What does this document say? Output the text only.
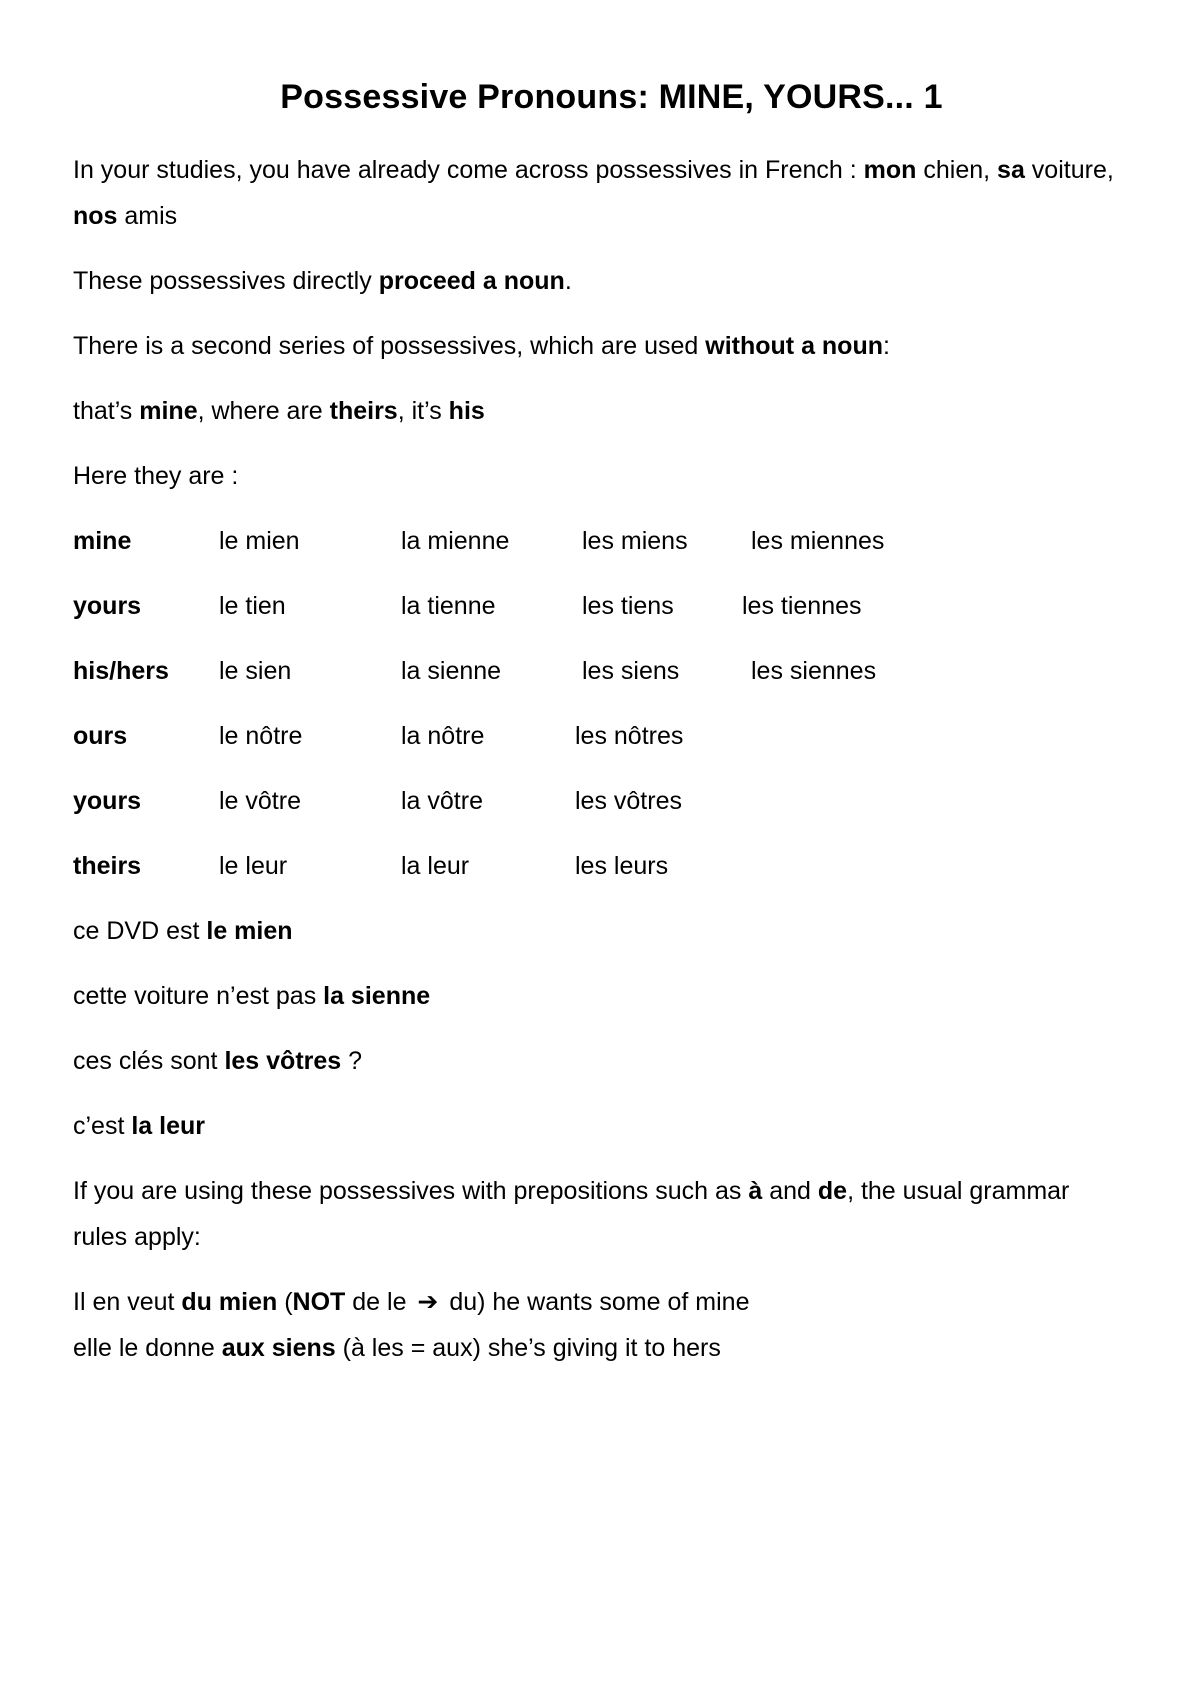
Possessive Pronouns: MINE, YOURS... 1
In your studies, you have already come across possessives in French : mon chien, sa voiture, nos amis
These possessives directly proceed a noun.
There is a second series of possessives, which are used without a noun:
that’s mine, where are theirs, it’s his
Here they are :
mine	le mien	la mienne	les miens	les miennes
yours	le tien	la tienne	les tiens	les tiennes
his/hers le sien	la sienne	les siens	les siennes
ours	le nôtre	la nôtre	les nôtres
yours	le vôtre	la vôtre	les vôtres
theirs	le leur	la leur	les leurs
ce DVD est le mien
cette voiture n’est pas la sienne
ces clés sont les vôtres ?
c’est la leur
If you are using these possessives with prepositions such as à and de, the usual grammar rules apply:
Il en veut du mien (NOT de le ➔ du) he wants some of mine
elle le donne aux siens (à les = aux) she’s giving it to hers
